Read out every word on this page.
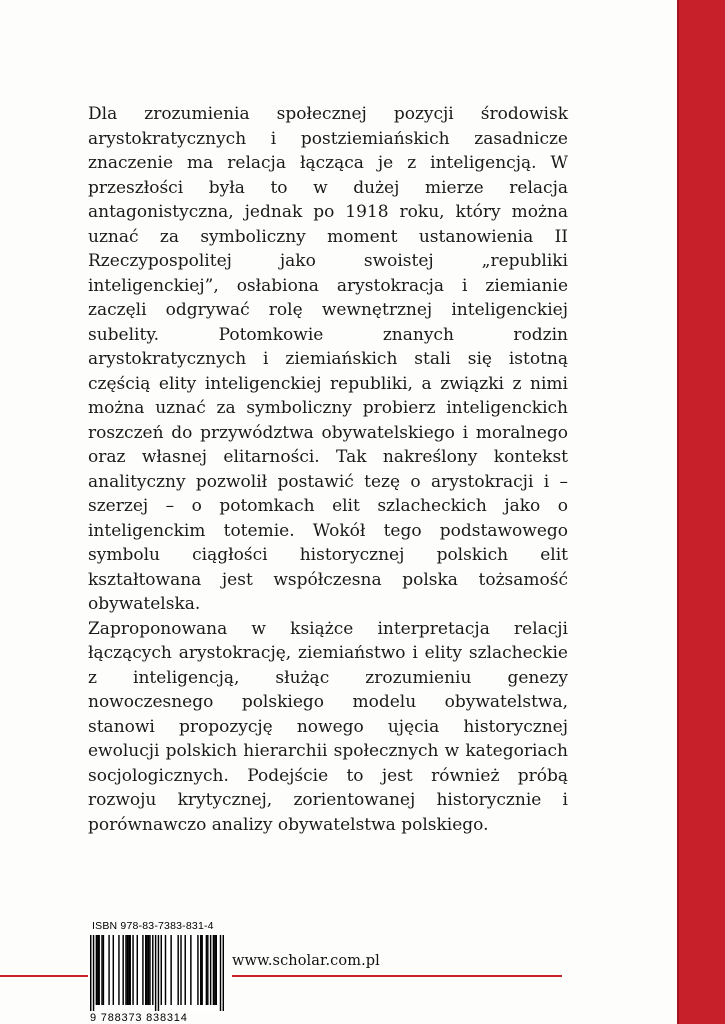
Dla zrozumienia społecznej pozycji środowisk arystokratycznych i postziemiańskich zasadnicze znaczenie ma relacja łącząca je z inteligencją. W przeszłości była to w dużej mierze relacja antagonistyczna, jednak po 1918 roku, który można uznać za symboliczny moment ustanowienia II Rzeczypospolitej jako swoistej „republiki inteligenckiej”, osłabiona arystokracja i ziemianie zaczęli odgrywać rolę wewnętrznej inteligenckiej subelity. Potomkowie znanych rodzin arystokratycznych i ziemiańskich stali się istotną częścią elity inteligenckiej republiki, a związki z nimi można uznać za symboliczny probierz inteligenckich roszczeń do przywództwa obywatelskiego i moralnego oraz własnej elitarności. Tak nakreślony kontekst analityczny pozwolił postawić tezę o arystokracji i – szerzej – o potomkach elit szlacheckich jako o inteligenckim totemie. Wokół tego podstawowego symbolu ciągłości historycznej polskich elit kształtowana jest współczesna polska tożsamość obywatelska.

Zaproponowana w książce interpretacja relacji łączących arystokrację, ziemiaństwo i elity szlacheckie z inteligencją, służąc zrozumieniu genezy nowoczesnego polskiego modelu obywatelstwa, stanowi propozycję nowego ujęcia historycznej ewolucji polskich hierarchii społecznych w kategoriach socjologicznych. Podejście to jest również próbą rozwoju krytycznej, zorientowanej historycznie i porównawczo analizy obywatelstwa polskiego.

ISBN 978-83-7383-831-4
9 788373 838314
www.scholar.com.pl
